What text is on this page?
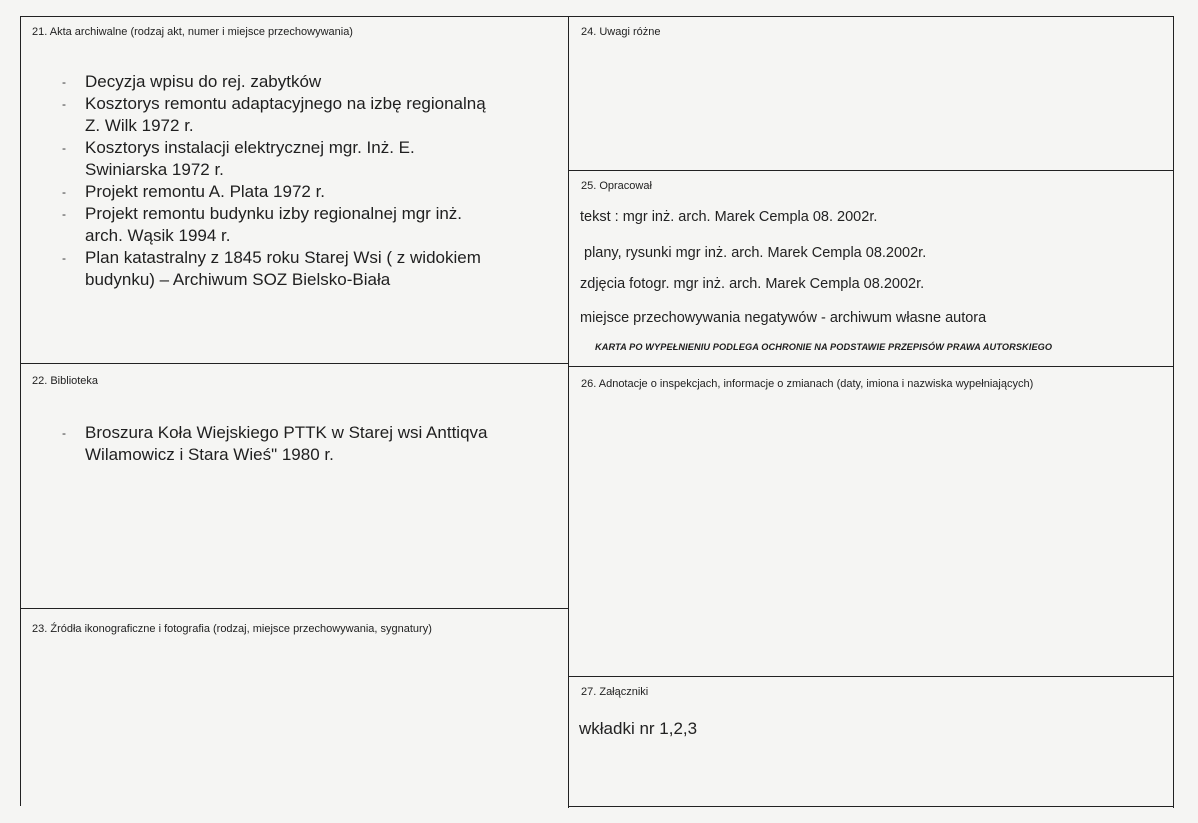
21. Akta archiwalne (rodzaj akt, numer i miejsce przechowywania)
- Decyzja wpisu do rej. zabytków
- Kosztorys remontu adaptacyjnego na izbę regionalną
Z. Wilk 1972 r.
- Kosztorys instalacji elektrycznej mgr. Inż. E.
Swiniarska 1972 r.
- Projekt remontu A. Plata 1972 r.
- Projekt remontu budynku izby regionalnej mgr inż.
arch. Wąsik 1994 r.
- Plan katastralny z 1845 roku Starej Wsi ( z widokiem
budynku) – Archiwum SOZ Bielsko-Biała
22. Biblioteka
- Broszura Koła Wiejskiego PTTK w Starej wsi Anttiqva
Wilamowicz i Stara Wieś" 1980 r.
23. Źródła ikonograficzne i fotografia (rodzaj, miejsce przechowywania, sygnatury)
24. Uwagi różne
25. Opracował
tekst : mgr inż. arch. Marek Cempla 08. 2002r.
plany, rysunki mgr inż. arch. Marek Cempla 08.2002r.
zdjęcia fotogr. mgr inż. arch. Marek Cempla 08.2002r.
miejsce przechowywania negatywów - archiwum własne autora
KARTA PO WYPEŁNIENIU PODLEGA OCHRONIE NA PODSTAWIE PRZEPISÓW PRAWA AUTORSKIEGO
26. Adnotacje o inspekcjach, informacje o zmianach (daty, imiona i nazwiska wypełniających)
27. Załączniki
wkładki nr 1,2,3
